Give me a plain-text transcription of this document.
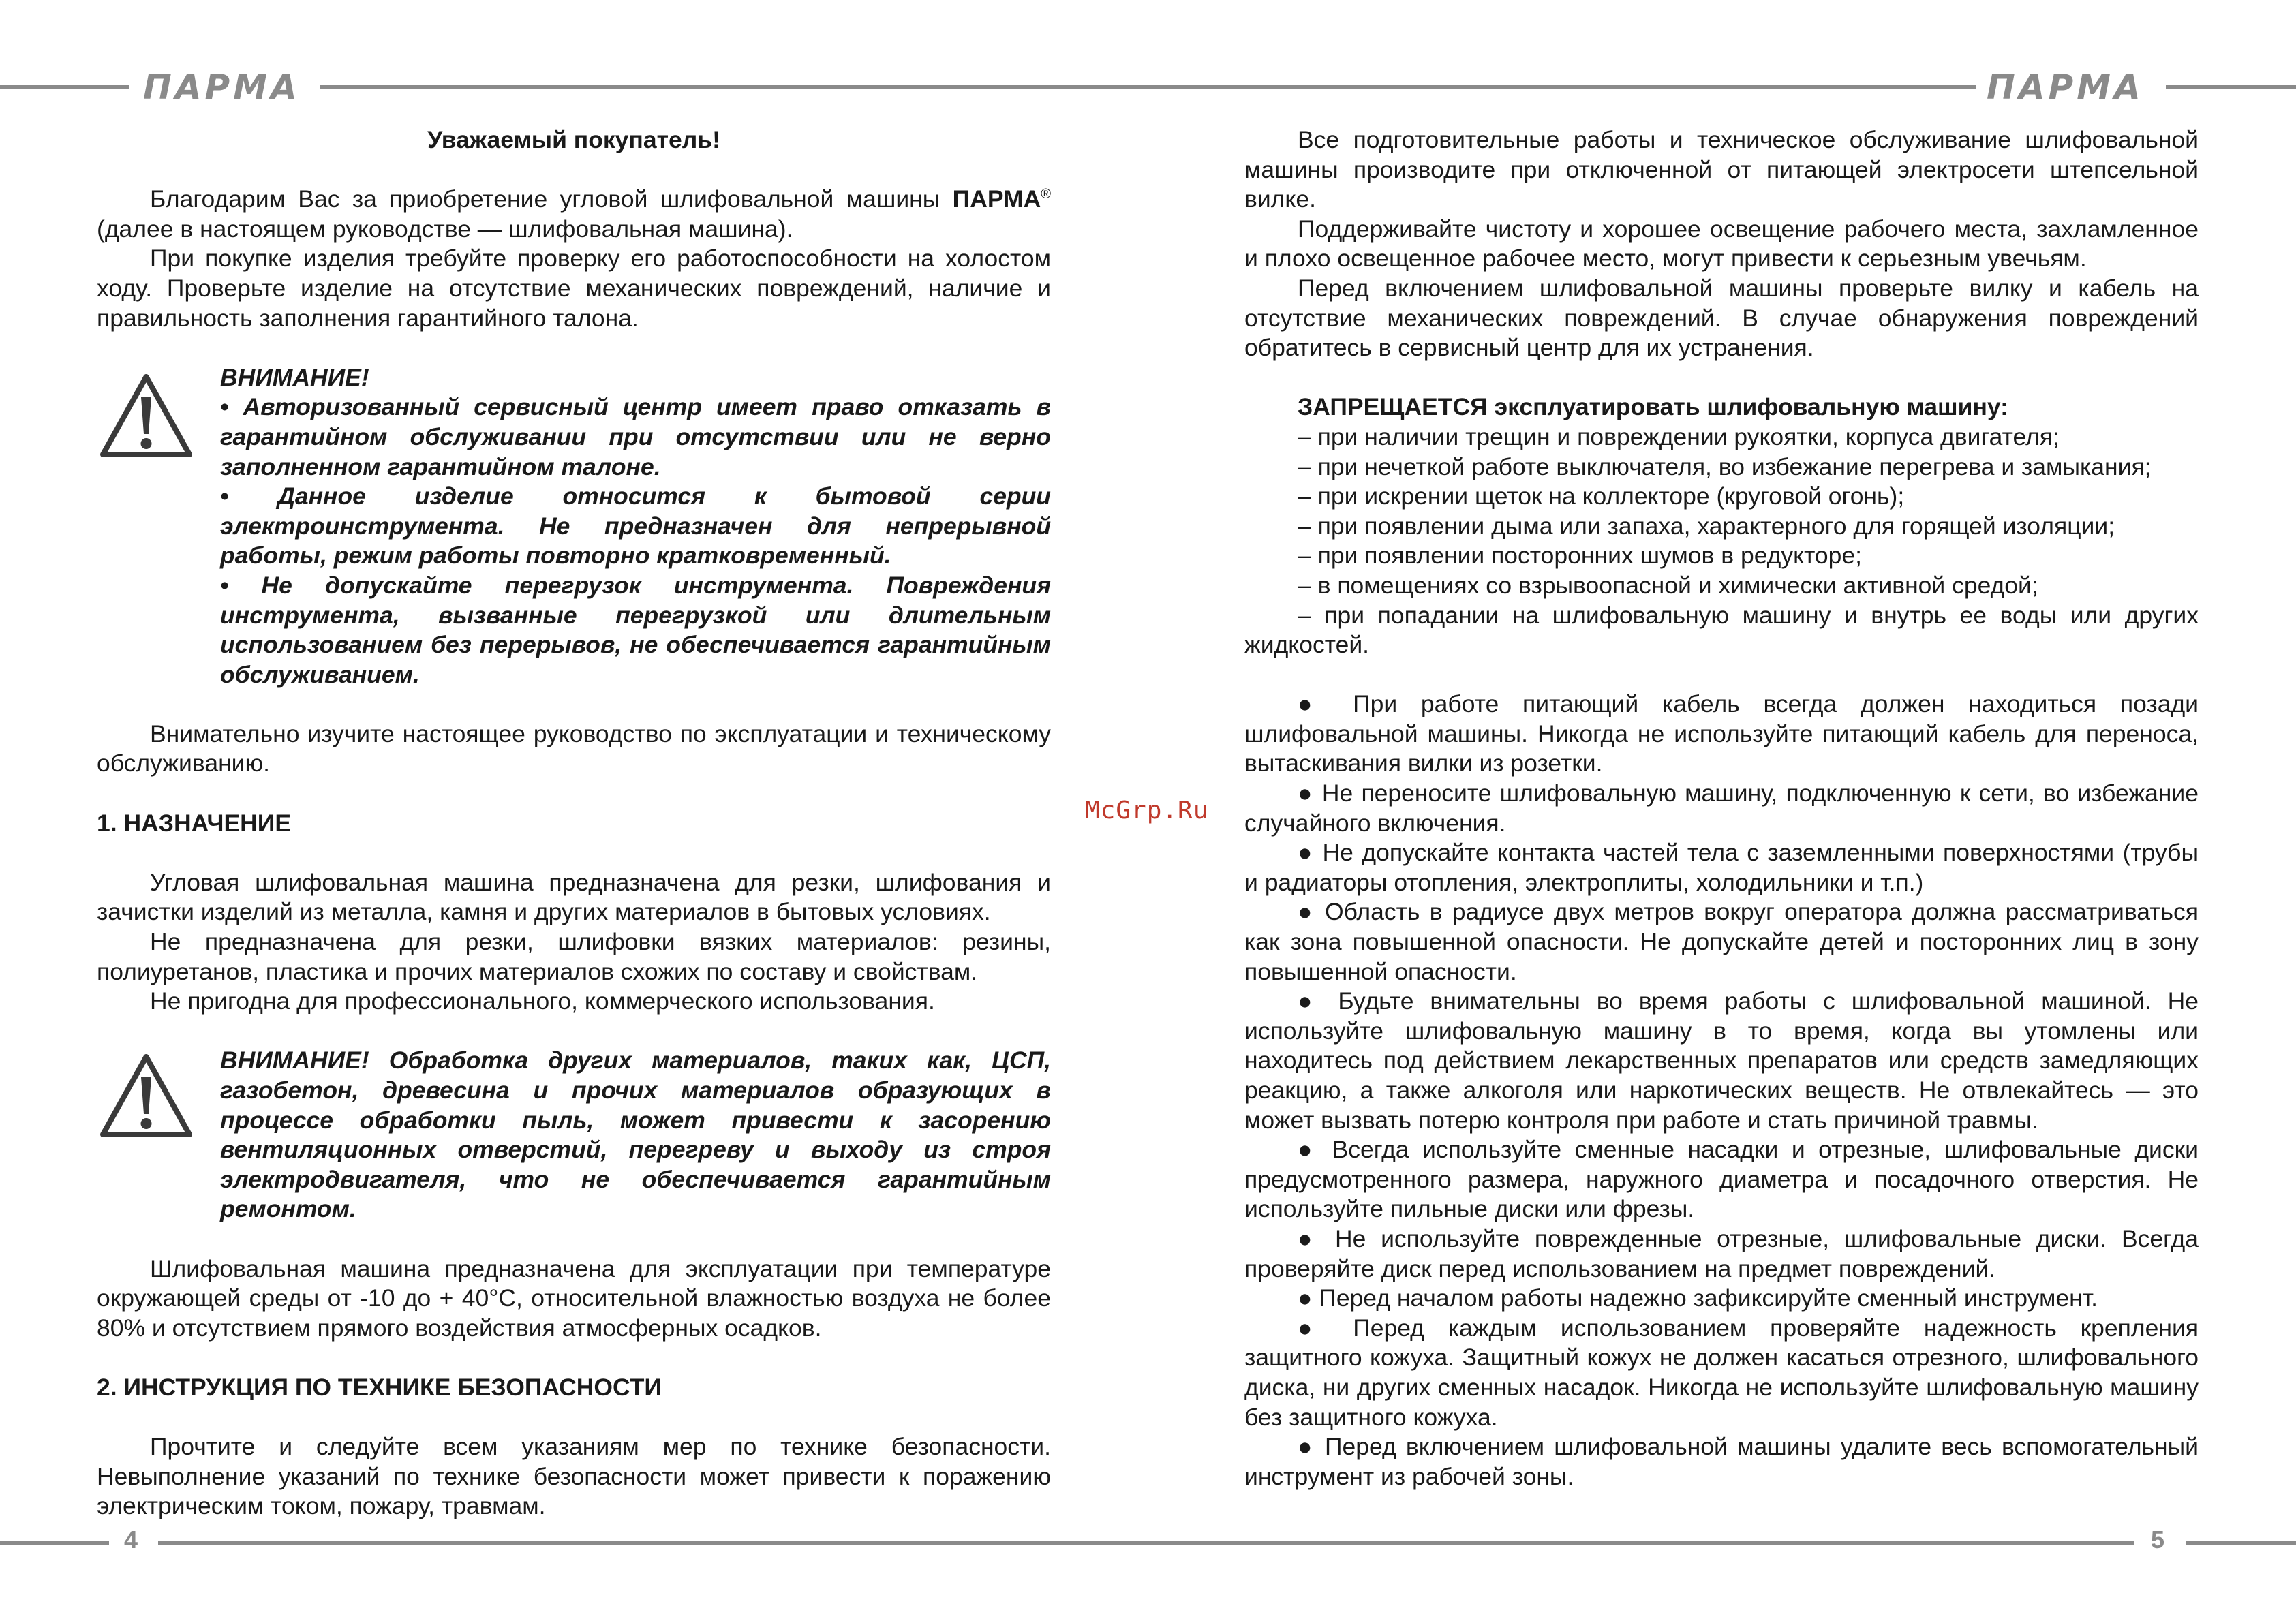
ПАРМА	ПАРМА
4	5

Уважаемый покупатель!

Благодарим Вас за приобретение угловой шлифовальной машины ПАРМА® (далее в настоящем руководстве — шлифовальная машина).

При покупке изделия требуйте проверку его работоспособности на холостом ходу. Проверьте изделие на отсутствие механических повреждений, наличие и правильность заполнения гарантийного талона.

ВНИМАНИЕ!

• Авторизованный сервисный центр имеет право отказать в гарантийном обслуживании при отсутствии или не верно заполненном гарантийном талоне.

• Данное изделие относится к бытовой серии электроинструмента. Не предназначен для непрерывной работы, режим работы повторно кратковременный.

• Не допускайте перегрузок инструмента. Повреждения инструмента, вызванные перегрузкой или длительным использованием без перерывов, не обеспечивается гарантийным обслуживанием.

Внимательно изучите настоящее руководство по эксплуатации и техническому обслуживанию.

1. НАЗНАЧЕНИЕ

Угловая шлифовальная машина предназначена для резки, шлифования и зачистки изделий из металла, камня и других материалов в бытовых условиях.

Не предназначена для резки, шлифовки вязких материалов: резины, полиуретанов, пластика и прочих материалов схожих по составу и свойствам.

Не пригодна для профессионального, коммерческого использования.

ВНИМАНИЕ! Обработка других материалов, таких как, ЦСП, газобетон, древесина и прочих материалов образующих в процессе обработки пыль, может привести к засорению вентиляционных отверстий, перегреву и выходу из строя электродвигателя, что не обеспечивается гарантийным ремонтом.

Шлифовальная машина предназначена для эксплуатации при температуре окружающей среды от -10 до + 40°С, относительной влажностью воздуха не более 80% и отсутствием прямого воздействия атмосферных осадков.

2. ИНСТРУКЦИЯ ПО ТЕХНИКЕ БЕЗОПАСНОСТИ

Прочтите и следуйте всем указаниям мер по технике безопасности. Невыполнение указаний по технике безопасности может привести к поражению электрическим током, пожару, травмам.

McGrp.Ru

Все подготовительные работы и техническое обслуживание шлифовальной машины производите при отключенной от питающей электросети штепсельной вилке.

Поддерживайте чистоту и хорошее освещение рабочего места, захламленное и плохо освещенное рабочее место, могут привести к серьезным увечьям.

Перед включением шлифовальной машины проверьте вилку и кабель на отсутствие механических повреждений. В случае обнаружения повреждений обратитесь в сервисный центр для их устранения.

ЗАПРЕЩАЕТСЯ эксплуатировать шлифовальную машину:

– при наличии трещин и повреждении рукоятки, корпуса двигателя;

– при нечеткой работе выключателя, во избежание перегрева и замыкания;

– при искрении щеток на коллекторе (круговой огонь);

– при появлении дыма или запаха, характерного для горящей изоляции;

– при появлении посторонних шумов в редукторе;

– в помещениях со взрывоопасной и химически активной средой;

– при попадании на шлифовальную машину и внутрь ее воды или других жидкостей.

● При работе питающий кабель всегда должен находиться позади шлифовальной машины. Никогда не используйте питающий кабель для переноса, вытаскивания вилки из розетки.

● Не переносите шлифовальную машину, подключенную к сети, во избежание случайного включения.

● Не допускайте контакта частей тела с заземленными поверхностями (трубы и радиаторы отопления, электроплиты, холодильники и т.п.)

● Область в радиусе двух метров вокруг оператора должна рассматриваться как зона повышенной опасности. Не допускайте детей и посторонних лиц в зону повышенной опасности.

● Будьте внимательны во время работы с шлифовальной машиной. Не используйте шлифовальную машину в то время, когда вы утомлены или находитесь под действием лекарственных препаратов или средств замедляющих реакцию, а также алкоголя или наркотических веществ. Не отвлекайтесь — это может вызвать потерю контроля при работе и стать причиной травмы.

● Всегда используйте сменные насадки и отрезные, шлифовальные диски предусмотренного размера, наружного диаметра и посадочного отверстия. Не используйте пильные диски или фрезы.

● Не используйте поврежденные отрезные, шлифовальные диски. Всегда проверяйте диск перед использованием на предмет повреждений.

● Перед началом работы надежно зафиксируйте сменный инструмент.

● Перед каждым использованием проверяйте надежность крепления защитного кожуха. Защитный кожух не должен касаться отрезного, шлифовального диска, ни других сменных насадок. Никогда не используйте шлифовальную машину без защитного кожуха.

● Перед включением шлифовальной машины удалите весь вспомогательный инструмент из рабочей зоны.
